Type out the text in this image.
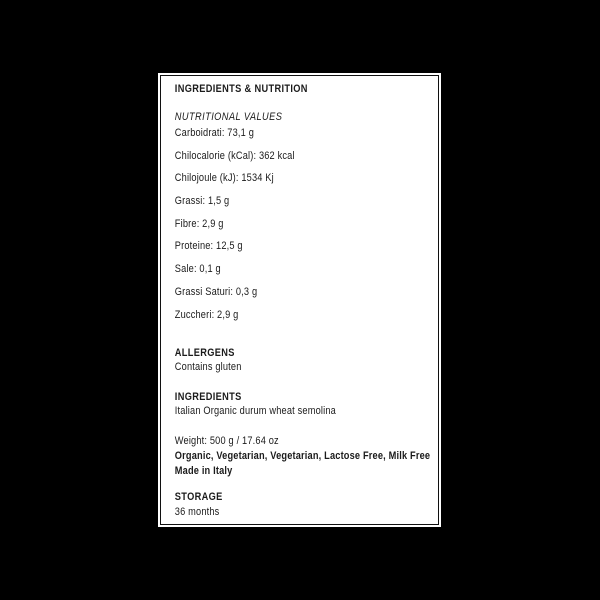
INGREDIENTS & NUTRITION

NUTRITIONAL VALUES

Carboidrati: 73,1 g

Chilocalorie (kCal): 362 kcal

Chilojoule (kJ): 1534 Kj

Grassi: 1,5 g

Fibre: 2,9 g

Proteine: 12,5 g

Sale: 0,1 g

Grassi Saturi: 0,3 g

Zuccheri: 2,9 g

ALLERGENS

Contains gluten

INGREDIENTS

Italian Organic durum wheat semolina

Weight: 500 g / 17.64 oz

Organic, Vegetarian, Vegetarian, Lactose Free, Milk Free

Made in Italy

STORAGE

36 months
